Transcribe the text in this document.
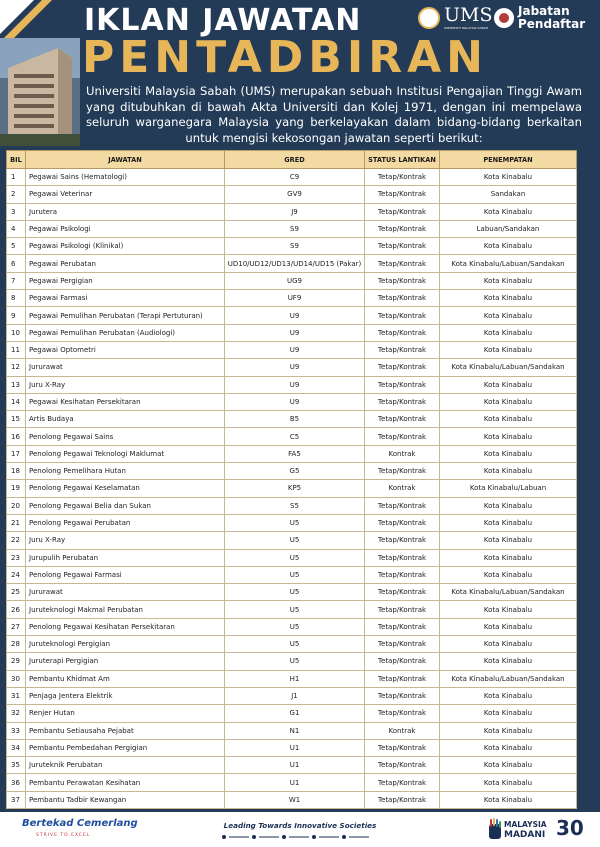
IKLAN JAWATAN
PENTADBIRAN
UMS
UNIVERSITI MALAYSIA SABAH
Jabatan
Pendaftar
Universiti Malaysia Sabah (UMS) merupakan sebuah Institusi Pengajian Tinggi Awam yang ditubuhkan di bawah Akta Universiti dan Kolej 1971, dengan ini mempelawa seluruh warganegara Malaysia yang berkelayakan dalam bidang-bidang berkaitan untuk mengisi kekosongan jawatan seperti berikut:
BIL	JAWATAN	GRED	STATUS LANTIKAN	PENEMPATAN
1	Pegawai Sains (Hematologi)	C9	Tetap/Kontrak	Kota Kinabalu
2	Pegawai Veterinar	GV9	Tetap/Kontrak	Sandakan
3	Jurutera	J9	Tetap/Kontrak	Kota Kinabalu
4	Pegawai Psikologi	S9	Tetap/Kontrak	Labuan/Sandakan
5	Pegawai Psikologi (Klinikal)	S9	Tetap/Kontrak	Kota Kinabalu
6	Pegawai Perubatan	UD10/UD12/UD13/UD14/UD15 (Pakar)	Tetap/Kontrak	Kota Kinabalu/Labuan/Sandakan
7	Pegawai Pergigian	UG9	Tetap/Kontrak	Kota Kinabalu
8	Pegawai Farmasi	UF9	Tetap/Kontrak	Kota Kinabalu
9	Pegawai Pemulihan Perubatan (Terapi Pertuturan)	U9	Tetap/Kontrak	Kota Kinabalu
10	Pegawai Pemulihan Perubatan (Audiologi)	U9	Tetap/Kontrak	Kota Kinabalu
11	Pegawai Optometri	U9	Tetap/Kontrak	Kota Kinabalu
12	Jururawat	U9	Tetap/Kontrak	Kota Kinabalu/Labuan/Sandakan
13	Juru X-Ray	U9	Tetap/Kontrak	Kota Kinabalu
14	Pegawai Kesihatan Persekitaran	U9	Tetap/Kontrak	Kota Kinabalu
15	Artis Budaya	B5	Tetap/Kontrak	Kota Kinabalu
16	Penolong Pegawai Sains	C5	Tetap/Kontrak	Kota Kinabalu
17	Penolong Pegawai Teknologi Maklumat	FA5	Kontrak	Kota Kinabalu
18	Penolong Pemelihara Hutan	G5	Tetap/Kontrak	Kota Kinabalu
19	Penolong Pegawai Keselamatan	KP5	Kontrak	Kota Kinabalu/Labuan
20	Penolong Pegawai Belia dan Sukan	S5	Tetap/Kontrak	Kota Kinabalu
21	Penolong Pegawai Perubatan	U5	Tetap/Kontrak	Kota Kinabalu
22	Juru X-Ray	U5	Tetap/Kontrak	Kota Kinabalu
23	Jurupulih Perubatan	U5	Tetap/Kontrak	Kota Kinabalu
24	Penolong Pegawai Farmasi	U5	Tetap/Kontrak	Kota Kinabalu
25	Jururawat	U5	Tetap/Kontrak	Kota Kinabalu/Labuan/Sandakan
26	Juruteknologi Makmal Perubatan	U5	Tetap/Kontrak	Kota Kinabalu
27	Penolong Pegawai Kesihatan Persekitaran	U5	Tetap/Kontrak	Kota Kinabalu
28	Juruteknologi Pergigian	U5	Tetap/Kontrak	Kota Kinabalu
29	Juruterapi Pergigian	U5	Tetap/Kontrak	Kota Kinabalu
30	Pembantu Khidmat Am	H1	Tetap/Kontrak	Kota Kinabalu/Labuan/Sandakan
31	Penjaga Jentera Elektrik	J1	Tetap/Kontrak	Kota Kinabalu
32	Renjer Hutan	G1	Tetap/Kontrak	Kota Kinabalu
33	Pembantu Setiausaha Pejabat	N1	Kontrak	Kota Kinabalu
34	Pembantu Pembedahan Pergigian	U1	Tetap/Kontrak	Kota Kinabalu
35	Juruteknik Perubatan	U1	Tetap/Kontrak	Kota Kinabalu
36	Pembantu Perawatan Kesihatan	U1	Tetap/Kontrak	Kota Kinabalu
37	Pembantu Tadbir Kewangan	W1	Tetap/Kontrak	Kota Kinabalu
Bertekad Cemerlang
STRIVE TO EXCEL
Leading Towards Innovative Societies	MALAYSIA
MADANI 30
